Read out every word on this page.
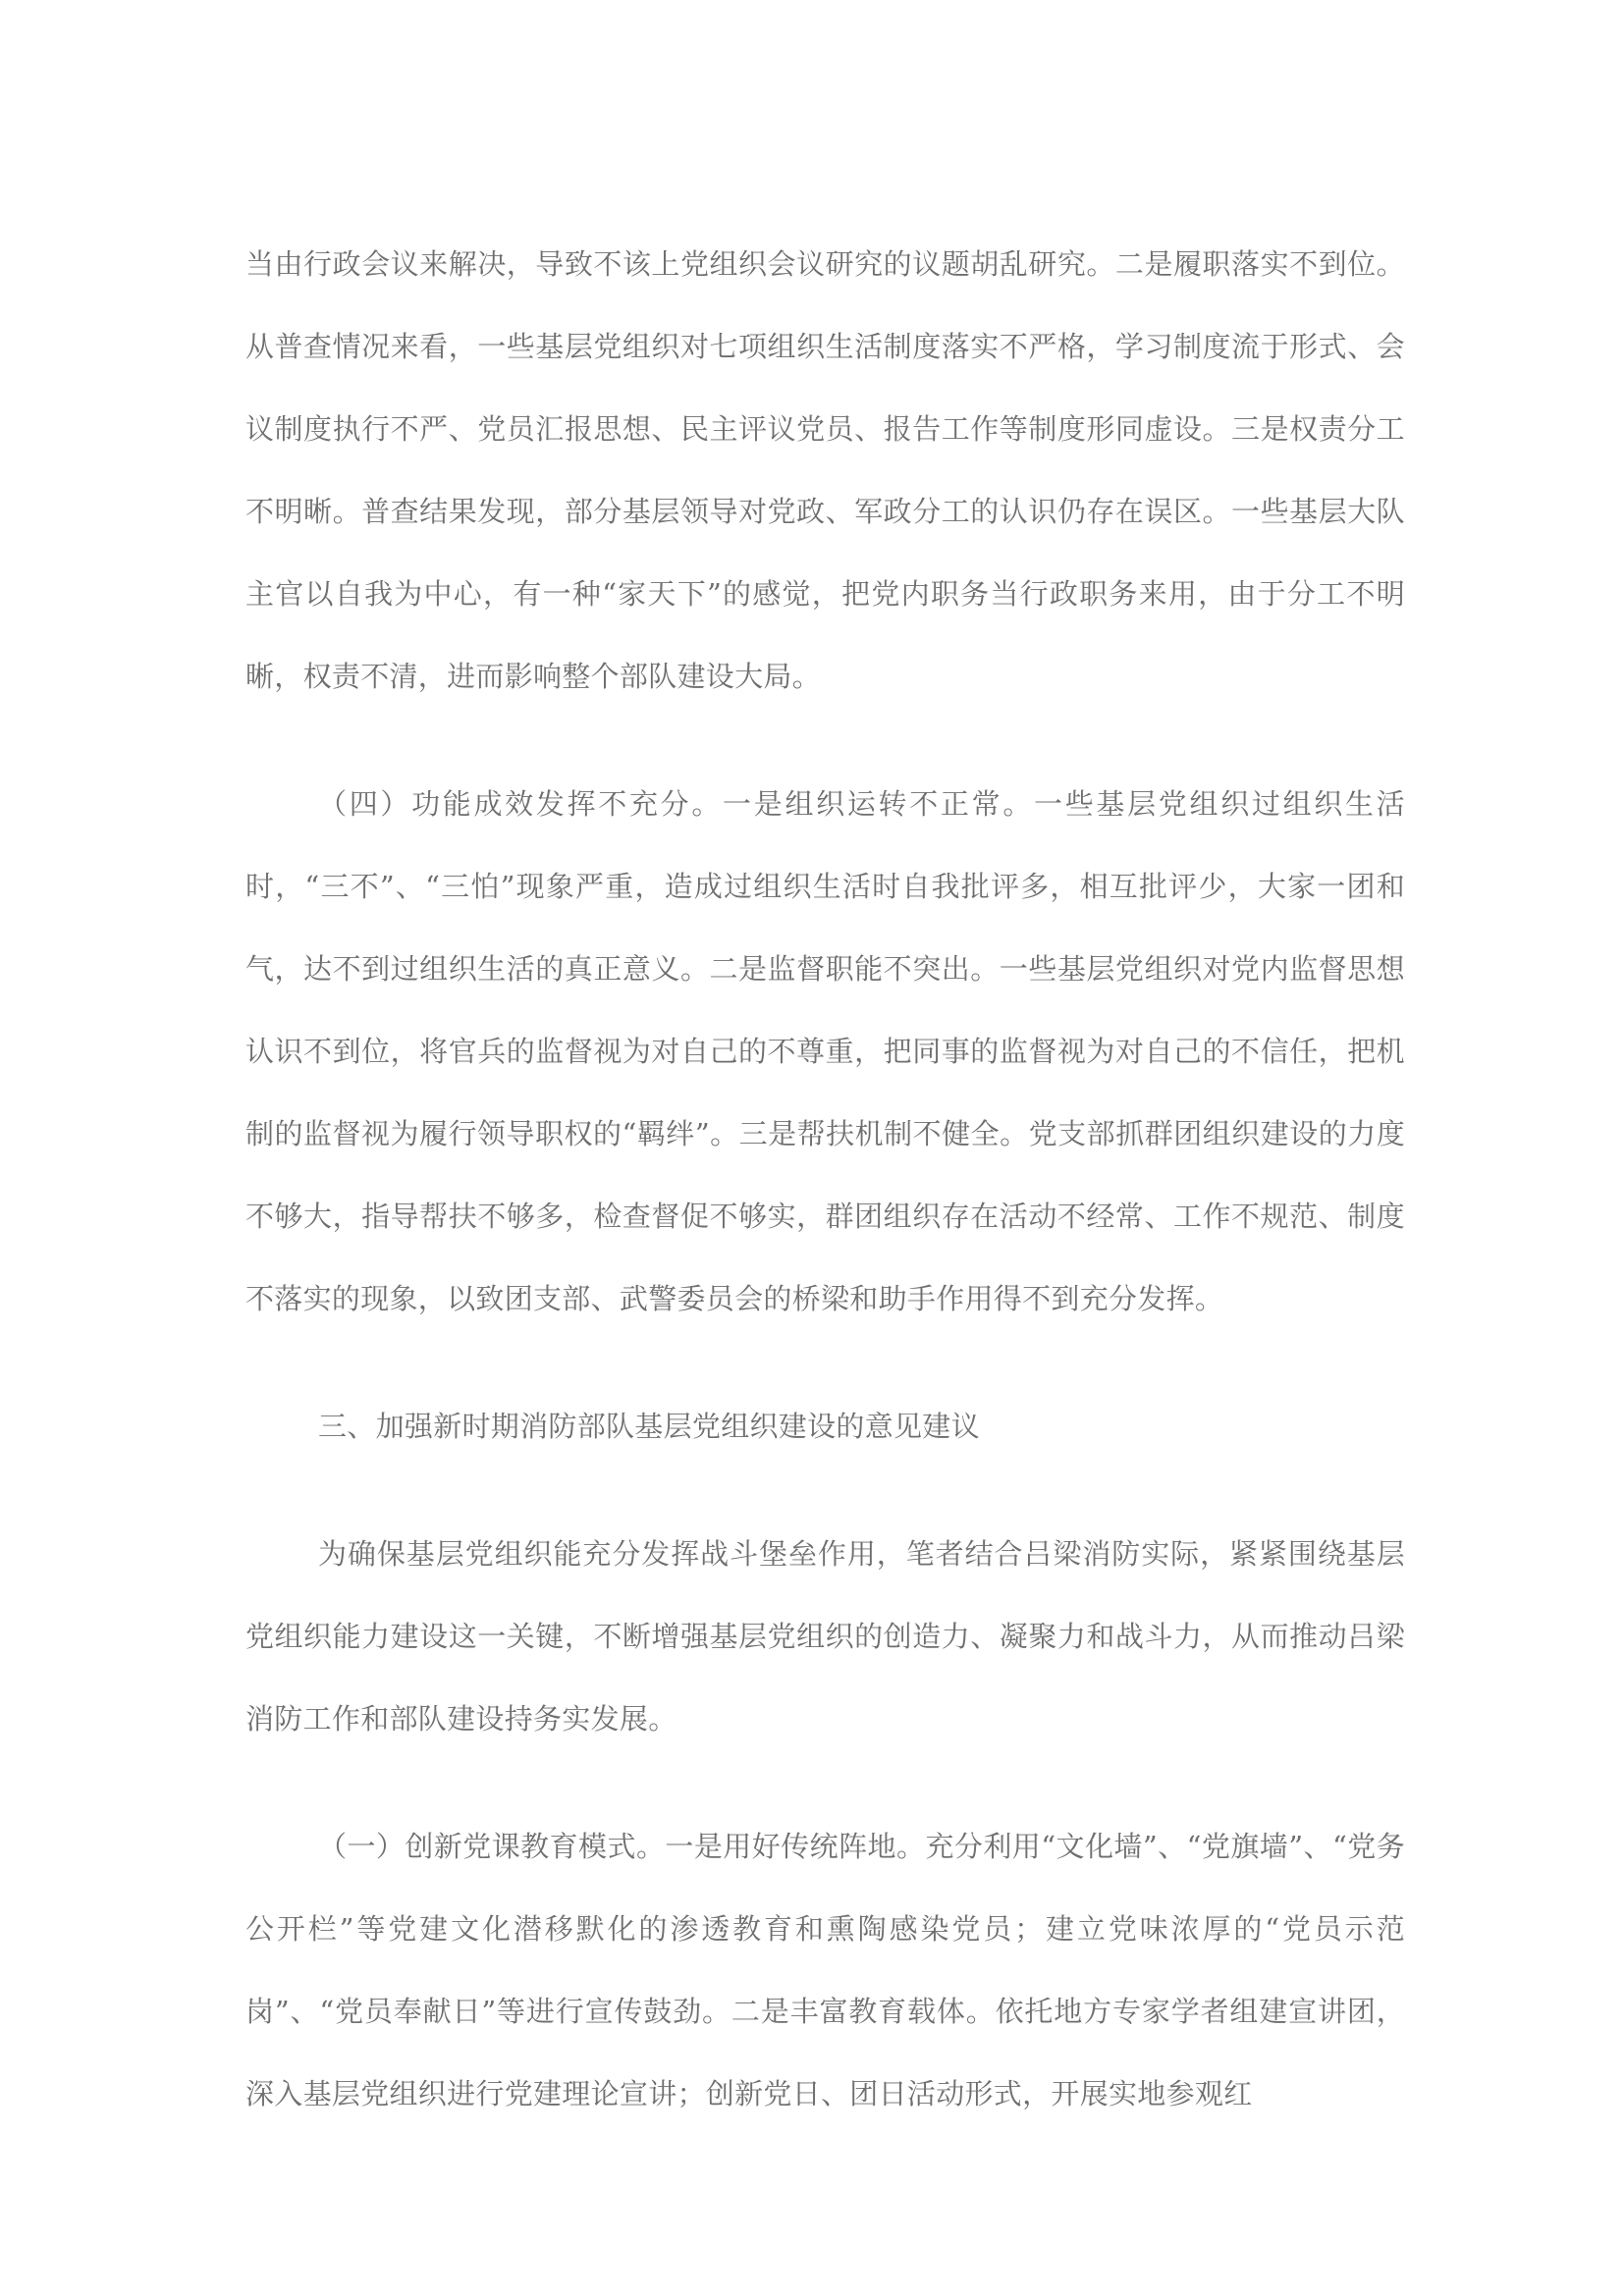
当由行政会议来解决，导致不该上党组织会议研究的议题胡乱研究。二是履职落实不到位。从普查情况来看，一些基层党组织对七项组织生活制度落实不严格，学习制度流于形式、会议制度执行不严、党员汇报思想、民主评议党员、报告工作等制度形同虚设。三是权责分工不明晰。普查结果发现，部分基层领导对党政、军政分工的认识仍存在误区。一些基层大队主官以自我为中心，有一种“家天下”的感觉，把党内职务当行政职务来用，由于分工不明晰，权责不清，进而影响整个部队建设大局。

（四）功能成效发挥不充分。一是组织运转不正常。一些基层党组织过组织生活时，“三不”、“三怕”现象严重，造成过组织生活时自我批评多，相互批评少，大家一团和气，达不到过组织生活的真正意义。二是监督职能不突出。一些基层党组织对党内监督思想认识不到位，将官兵的监督视为对自己的不尊重，把同事的监督视为对自己的不信任，把机制的监督视为履行领导职权的“羁绊”。三是帮扶机制不健全。党支部抓群团组织建设的力度不够大，指导帮扶不够多，检查督促不够实，群团组织存在活动不经常、工作不规范、制度不落实的现象，以致团支部、武警委员会的桥梁和助手作用得不到充分发挥。

三、加强新时期消防部队基层党组织建设的意见建议

为确保基层党组织能充分发挥战斗堡垒作用，笔者结合吕梁消防实际，紧紧围绕基层党组织能力建设这一关键，不断增强基层党组织的创造力、凝聚力和战斗力，从而推动吕梁消防工作和部队建设持务实发展。

（一）创新党课教育模式。一是用好传统阵地。充分利用“文化墙”、“党旗墙”、“党务公开栏”等党建文化潜移默化的渗透教育和熏陶感染党员；建立党味浓厚的“党员示范岗”、“党员奉献日”等进行宣传鼓劲。二是丰富教育载体。依托地方专家学者组建宣讲团，深入基层党组织进行党建理论宣讲；创新党日、团日活动形式，开展实地参观红
